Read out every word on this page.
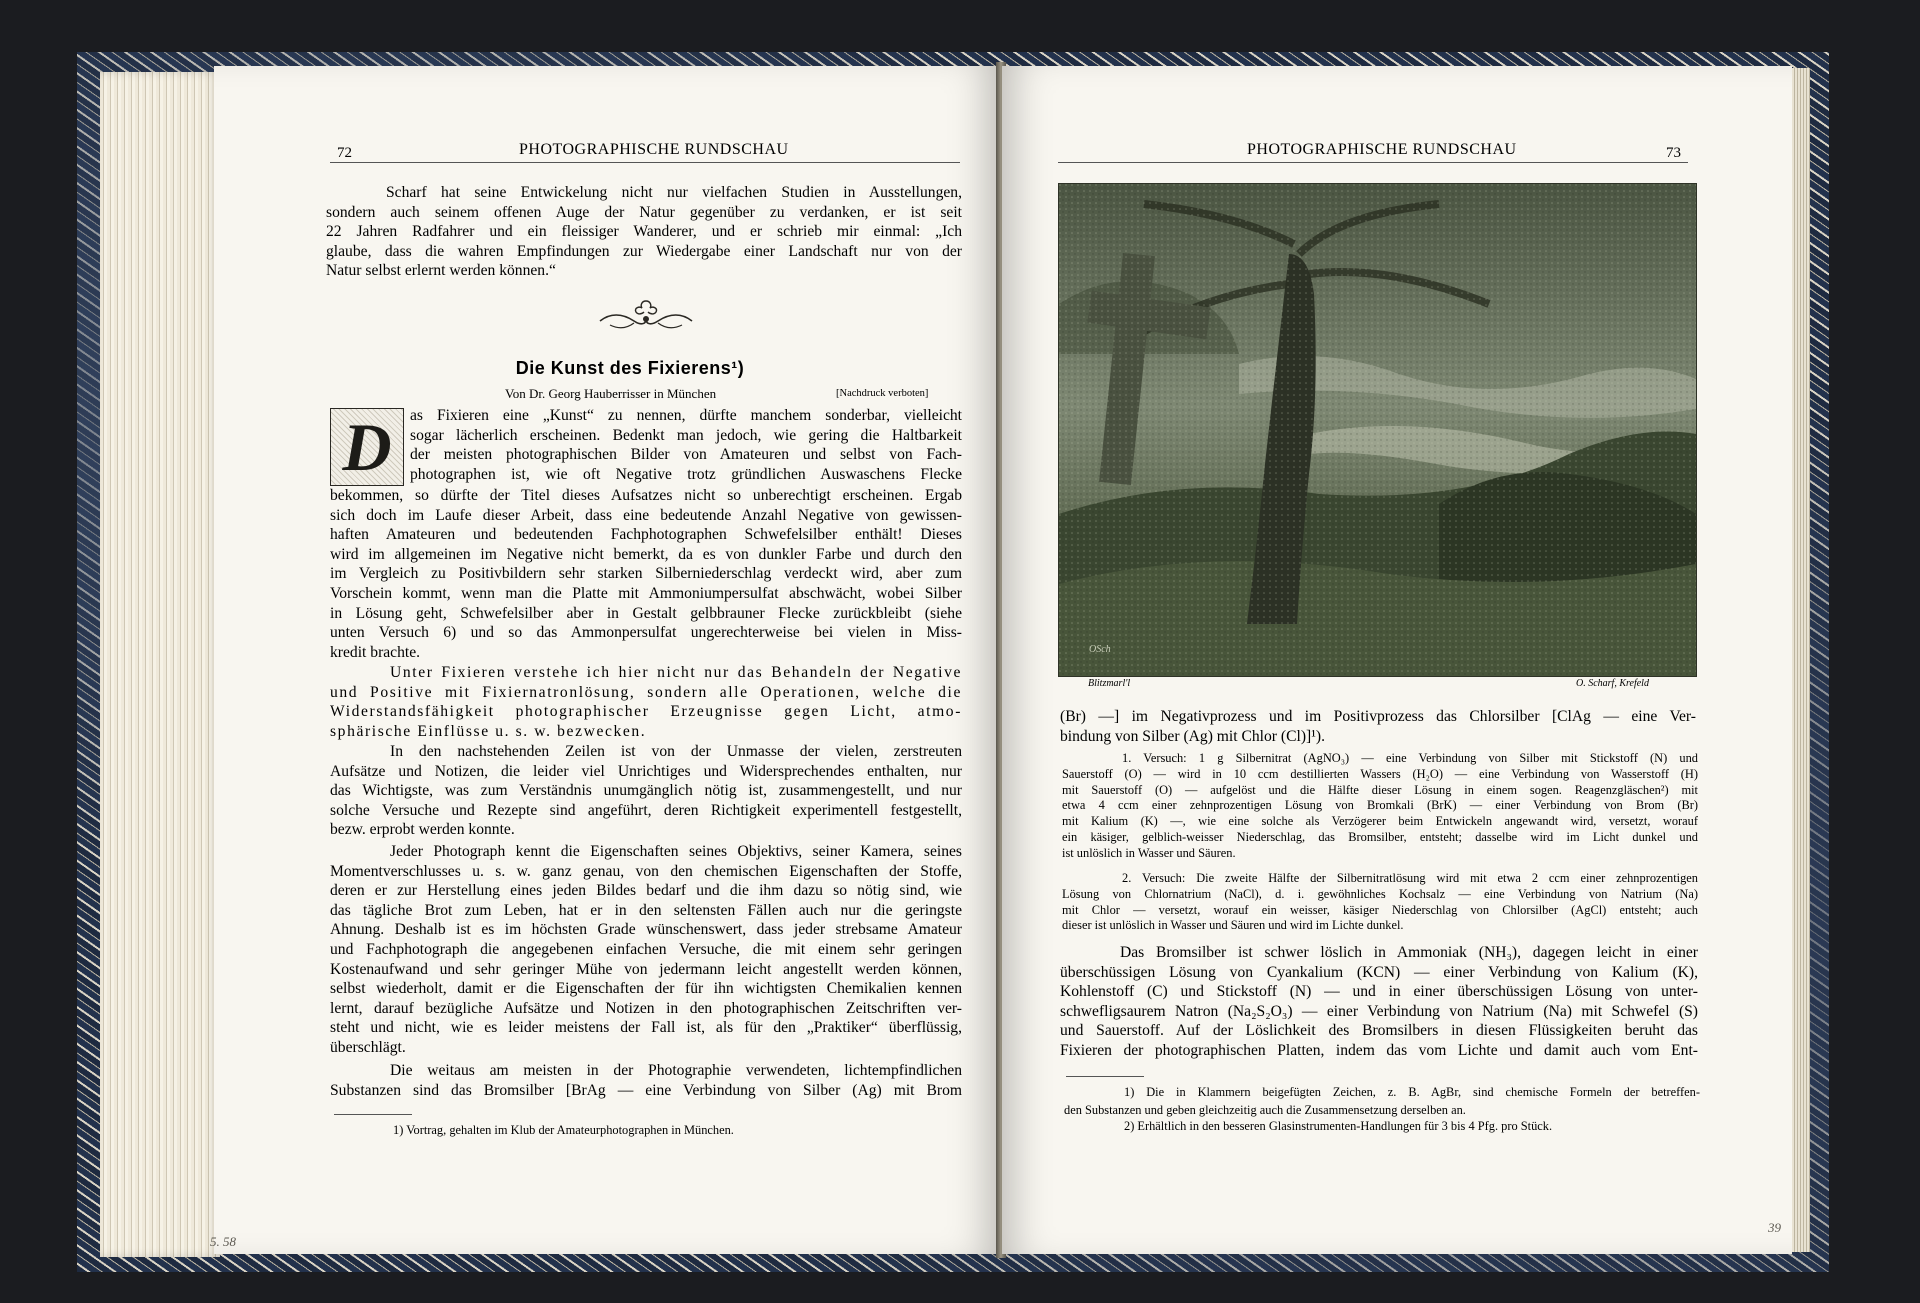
72	PHOTOGRAPHISCHE RUNDSCHAU
Scharf hat seine Entwickelung nicht nur vielfachen Studien in Ausstellungen,
sondern auch seinem offenen Auge der Natur gegenüber zu verdanken, er ist seit
22 Jahren Radfahrer und ein fleissiger Wanderer, und er schrieb mir einmal: „Ich
glaube, dass die wahren Empfindungen zur Wiedergabe einer Landschaft nur von der
Natur selbst erlernt werden können.“
Die Kunst des Fixierens¹)
Von Dr. Georg Hauberrisser in München	[Nachdruck verboten]
D	as Fixieren eine „Kunst“ zu nennen, dürfte manchem sonderbar, vielleicht
sogar lächerlich erscheinen. Bedenkt man jedoch, wie gering die Haltbarkeit
der meisten photographischen Bilder von Amateuren und selbst von Fach-
photographen ist, wie oft Negative trotz gründlichen Auswaschens Flecke
bekommen, so dürfte der Titel dieses Aufsatzes nicht so unberechtigt erscheinen. Ergab
sich doch im Laufe dieser Arbeit, dass eine bedeutende Anzahl Negative von gewissen-
haften Amateuren und bedeutenden Fachphotographen Schwefelsilber enthält! Dieses
wird im allgemeinen im Negative nicht bemerkt, da es von dunkler Farbe und durch den
im Vergleich zu Positivbildern sehr starken Silberniederschlag verdeckt wird, aber zum
Vorschein kommt, wenn man die Platte mit Ammoniumpersulfat abschwächt, wobei Silber
in Lösung geht, Schwefelsilber aber in Gestalt gelbbrauner Flecke zurückbleibt (siehe
unten Versuch 6) und so das Ammonpersulfat ungerechterweise bei vielen in Miss-
kredit brachte.
Unter Fixieren verstehe ich hier nicht nur das Behandeln der Negative
und Positive mit Fixiernatronlösung, sondern alle Operationen, welche die
Widerstandsfähigkeit photographischer Erzeugnisse gegen Licht, atmo-
sphärische Einflüsse u. s. w. bezwecken.
In den nachstehenden Zeilen ist von der Unmasse der vielen, zerstreuten
Aufsätze und Notizen, die leider viel Unrichtiges und Widersprechendes enthalten, nur
das Wichtigste, was zum Verständnis unumgänglich nötig ist, zusammengestellt, und nur
solche Versuche und Rezepte sind angeführt, deren Richtigkeit experimentell festgestellt,
bezw. erprobt werden konnte.
Jeder Photograph kennt die Eigenschaften seines Objektivs, seiner Kamera, seines
Momentverschlusses u. s. w. ganz genau, von den chemischen Eigenschaften der Stoffe,
deren er zur Herstellung eines jeden Bildes bedarf und die ihm dazu so nötig sind, wie
das tägliche Brot zum Leben, hat er in den seltensten Fällen auch nur die geringste
Ahnung. Deshalb ist es im höchsten Grade wünschenswert, dass jeder strebsame Amateur
und Fachphotograph die angegebenen einfachen Versuche, die mit einem sehr geringen
Kostenaufwand und sehr geringer Mühe von jedermann leicht angestellt werden können,
selbst wiederholt, damit er die Eigenschaften der für ihn wichtigsten Chemikalien kennen
lernt, darauf bezügliche Aufsätze und Notizen in den photographischen Zeitschriften ver-
steht und nicht, wie es leider meistens der Fall ist, als für den „Praktiker“ überflüssig,
überschlägt.
Die weitaus am meisten in der Photographie verwendeten, lichtempfindlichen
Substanzen sind das Bromsilber [BrAg — eine Verbindung von Silber (Ag) mit Brom
1) Vortrag, gehalten im Klub der Amateurphotographen in München.
5. 58
PHOTOGRAPHISCHE RUNDSCHAU	73
OSch
Blitzmarl'l	O. Scharf, Krefeld
(Br) —] im Negativprozess und im Positivprozess das Chlorsilber [ClAg — eine Ver-
bindung von Silber (Ag) mit Chlor (Cl)]¹).
1. Versuch: 1 g Silbernitrat (AgNO₃) — eine Verbindung von Silber mit Stickstoff (N) und
Sauerstoff (O) — wird in 10 ccm destillierten Wassers (H₂O) — eine Verbindung von Wasserstoff (H)
mit Sauerstoff (O) — aufgelöst und die Hälfte dieser Lösung in einem sogen. Reagenzgläschen²) mit
etwa 4 ccm einer zehnprozentigen Lösung von Bromkali (BrK) — einer Verbindung von Brom (Br)
mit Kalium (K) —, wie eine solche als Verzögerer beim Entwickeln angewandt wird, versetzt, worauf
ein käsiger, gelblich-weisser Niederschlag, das Bromsilber, entsteht; dasselbe wird im Licht dunkel und
ist unlöslich in Wasser und Säuren.
2. Versuch: Die zweite Hälfte der Silbernitratlösung wird mit etwa 2 ccm einer zehnprozentigen
Lösung von Chlornatrium (NaCl), d. i. gewöhnliches Kochsalz — eine Verbindung von Natrium (Na)
mit Chlor — versetzt, worauf ein weisser, käsiger Niederschlag von Chlorsilber (AgCl) entsteht; auch
dieser ist unlöslich in Wasser und Säuren und wird im Lichte dunkel.
Das Bromsilber ist schwer löslich in Ammoniak (NH₃), dagegen leicht in einer
überschüssigen Lösung von Cyankalium (KCN) — einer Verbindung von Kalium (K),
Kohlenstoff (C) und Stickstoff (N) — und in einer überschüssigen Lösung von unter-
schwefligsaurem Natron (Na₂S₂O₃) — einer Verbindung von Natrium (Na) mit Schwefel (S)
und Sauerstoff. Auf der Löslichkeit des Bromsilbers in diesen Flüssigkeiten beruht das
Fixieren der photographischen Platten, indem das vom Lichte und damit auch vom Ent-
1) Die in Klammern beigefügten Zeichen, z. B. AgBr, sind chemische Formeln der betreffen-
den Substanzen und geben gleichzeitig auch die Zusammensetzung derselben an.
2) Erhältlich in den besseren Glasinstrumenten-Handlungen für 3 bis 4 Pfg. pro Stück.
39
